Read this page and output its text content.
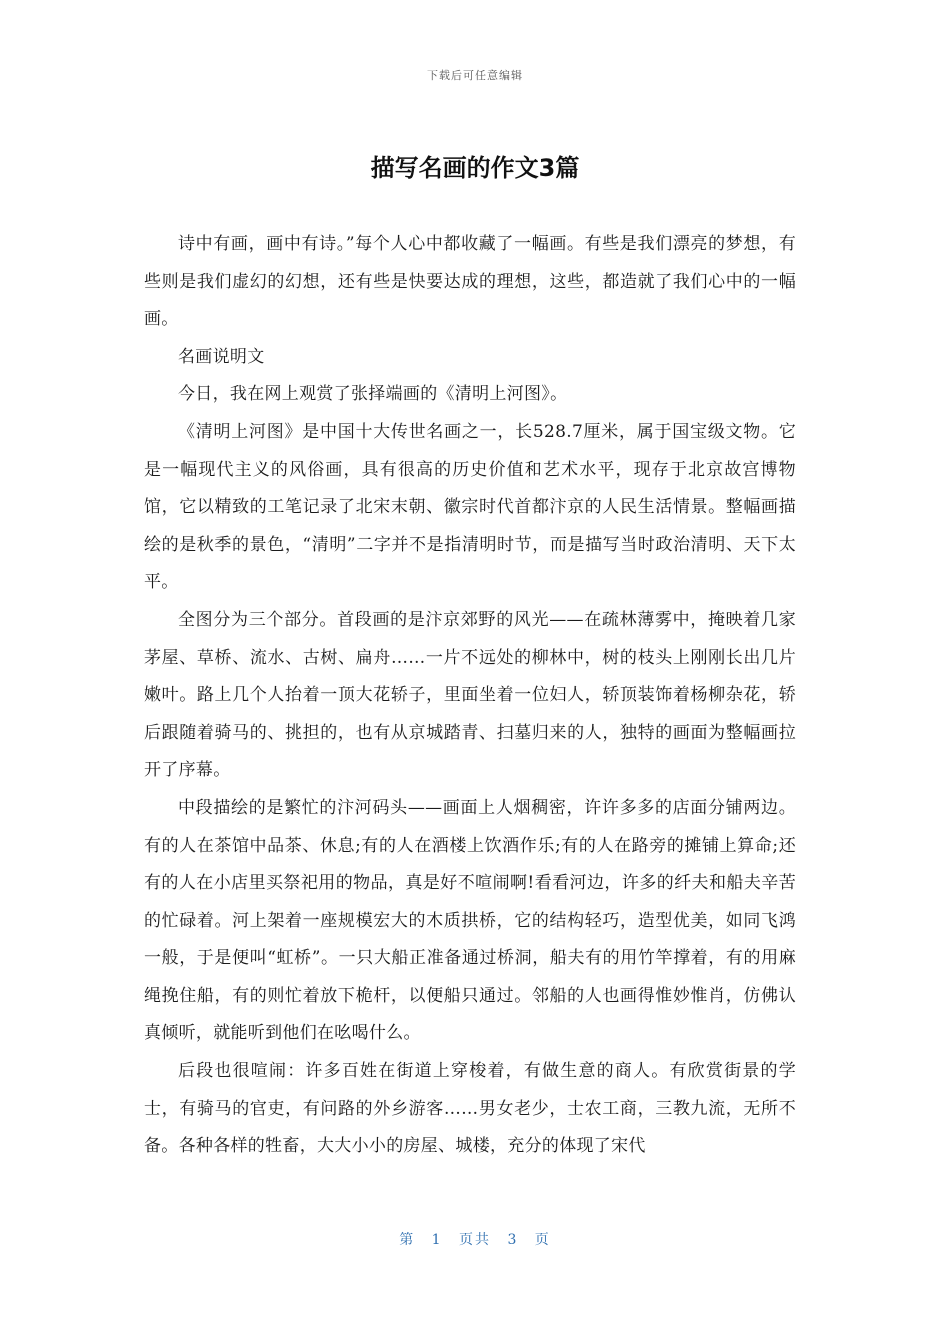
下载后可任意编辑
描写名画的作文3篇

诗中有画，画中有诗。”每个人心中都收藏了一幅画。有些是我们漂亮的梦想，有些则是我们虚幻的幻想，还有些是快要达成的理想，这些，都造就了我们心中的一幅画。

名画说明文

今日，我在网上观赏了张择端画的《清明上河图》。

《清明上河图》是中国十大传世名画之一，长528.7厘米，属于国宝级文物。它是一幅现代主义的风俗画，具有很高的历史价值和艺术水平，现存于北京故宫博物馆，它以精致的工笔记录了北宋末朝、徽宗时代首都汴京的人民生活情景。整幅画描绘的是秋季的景色，“清明”二字并不是指清明时节，而是描写当时政治清明、天下太平。

全图分为三个部分。首段画的是汴京郊野的风光——在疏林薄雾中，掩映着几家茅屋、草桥、流水、古树、扁舟……一片不远处的柳林中，树的枝头上刚刚长出几片嫩叶。路上几个人抬着一顶大花轿子，里面坐着一位妇人，轿顶装饰着杨柳杂花，轿后跟随着骑马的、挑担的，也有从京城踏青、扫墓归来的人，独特的画面为整幅画拉开了序幕。

中段描绘的是繁忙的汴河码头——画面上人烟稠密，许许多多的店面分铺两边。有的人在茶馆中品茶、休息;有的人在酒楼上饮酒作乐;有的人在路旁的摊铺上算命;还有的人在小店里买祭祀用的物品，真是好不喧闹啊!看看河边，许多的纤夫和船夫辛苦的忙碌着。河上架着一座规模宏大的木质拱桥，它的结构轻巧，造型优美，如同飞鸿一般，于是便叫“虹桥”。一只大船正准备通过桥洞，船夫有的用竹竿撑着，有的用麻绳挽住船，有的则忙着放下桅杆，以便船只通过。邻船的人也画得惟妙惟肖，仿佛认真倾听，就能听到他们在吆喝什么。

后段也很喧闹：许多百姓在街道上穿梭着，有做生意的商人。有欣赏街景的学士，有骑马的官吏，有问路的外乡游客……男女老少，士农工商，三教九流，无所不备。各种各样的牲畜，大大小小的房屋、城楼，充分的体现了宋代

第 1 页共 3 页
